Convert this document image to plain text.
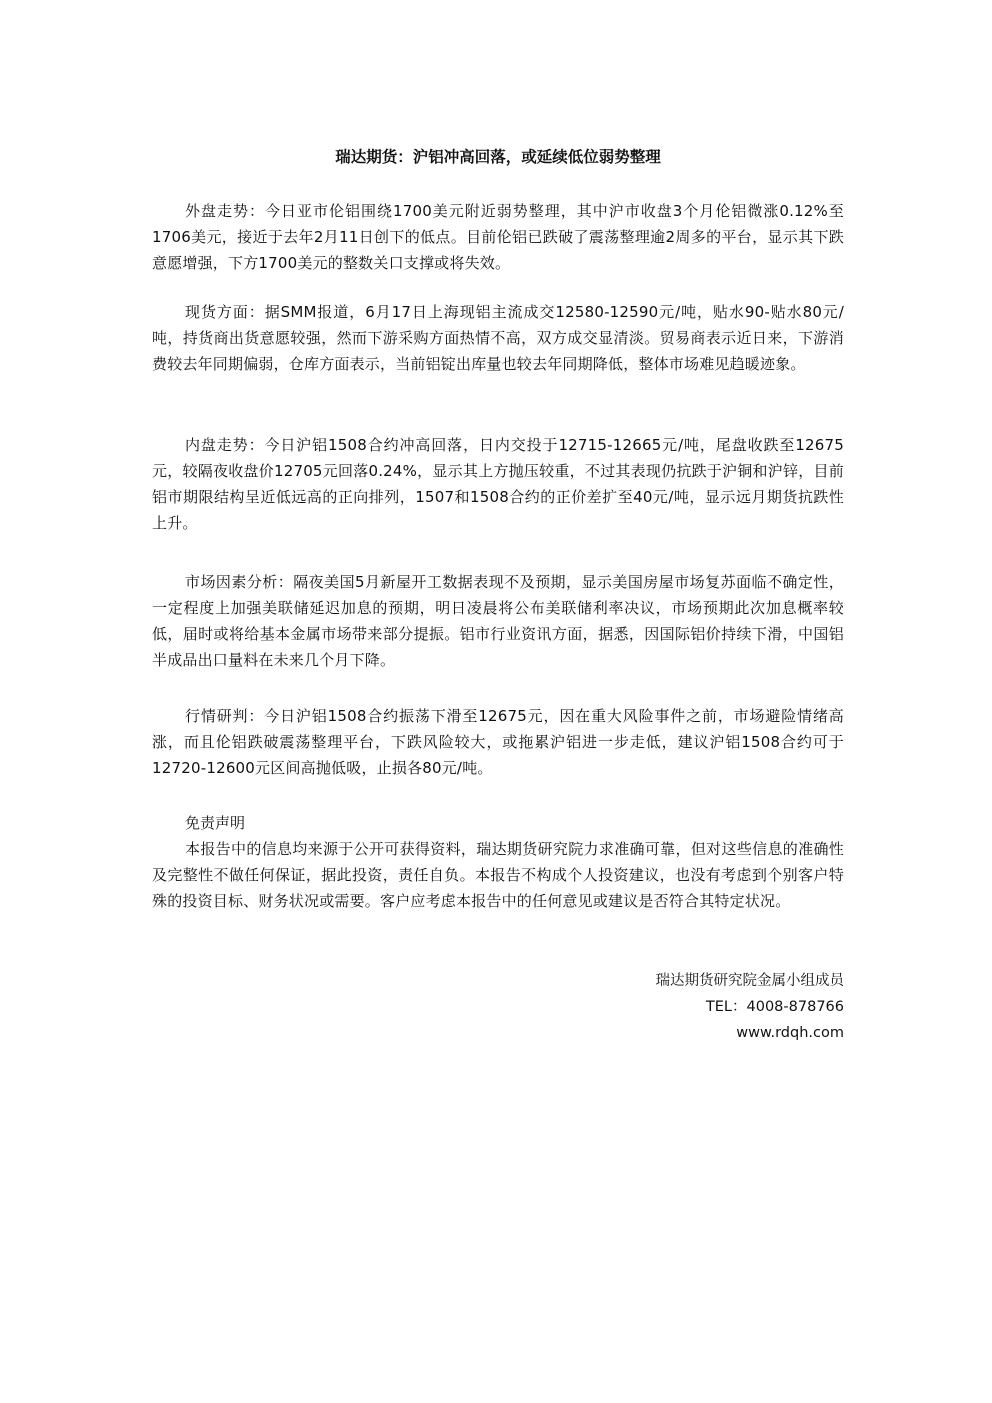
瑞达期货：沪铝冲高回落，或延续低位弱势整理

外盘走势：今日亚市伦铝围绕1700美元附近弱势整理，其中沪市收盘3个月伦铝微涨0.12%至1706美元，接近于去年2月11日创下的低点。目前伦铝已跌破了震荡整理逾2周多的平台，显示其下跌意愿增强，下方1700美元的整数关口支撑或将失效。

现货方面：据SMM报道，6月17日上海现铝主流成交12580-12590元/吨，贴水90-贴水80元/吨，持货商出货意愿较强，然而下游采购方面热情不高，双方成交显清淡。贸易商表示近日来，下游消费较去年同期偏弱，仓库方面表示，当前铝锭出库量也较去年同期降低，整体市场难见趋暖迹象。

内盘走势：今日沪铝1508合约冲高回落，日内交投于12715-12665元/吨，尾盘收跌至12675元，较隔夜收盘价12705元回落0.24%，显示其上方抛压较重，不过其表现仍抗跌于沪铜和沪锌，目前铝市期限结构呈近低远高的正向排列，1507和1508合约的正价差扩至40元/吨，显示远月期货抗跌性上升。

市场因素分析：隔夜美国5月新屋开工数据表现不及预期，显示美国房屋市场复苏面临不确定性，一定程度上加强美联储延迟加息的预期，明日凌晨将公布美联储利率决议，市场预期此次加息概率较低，届时或将给基本金属市场带来部分提振。铝市行业资讯方面，据悉，因国际铝价持续下滑，中国铝半成品出口量料在未来几个月下降。

行情研判：今日沪铝1508合约振荡下滑至12675元，因在重大风险事件之前，市场避险情绪高涨，而且伦铝跌破震荡整理平台，下跌风险较大，或拖累沪铝进一步走低，建议沪铝1508合约可于12720-12600元区间高抛低吸，止损各80元/吨。

免责声明

本报告中的信息均来源于公开可获得资料，瑞达期货研究院力求准确可靠，但对这些信息的准确性及完整性不做任何保证，据此投资，责任自负。本报告不构成个人投资建议，也没有考虑到个别客户特殊的投资目标、财务状况或需要。客户应考虑本报告中的任何意见或建议是否符合其特定状况。

瑞达期货研究院金属小组成员
TEL：4008-878766
www.rdqh.com
